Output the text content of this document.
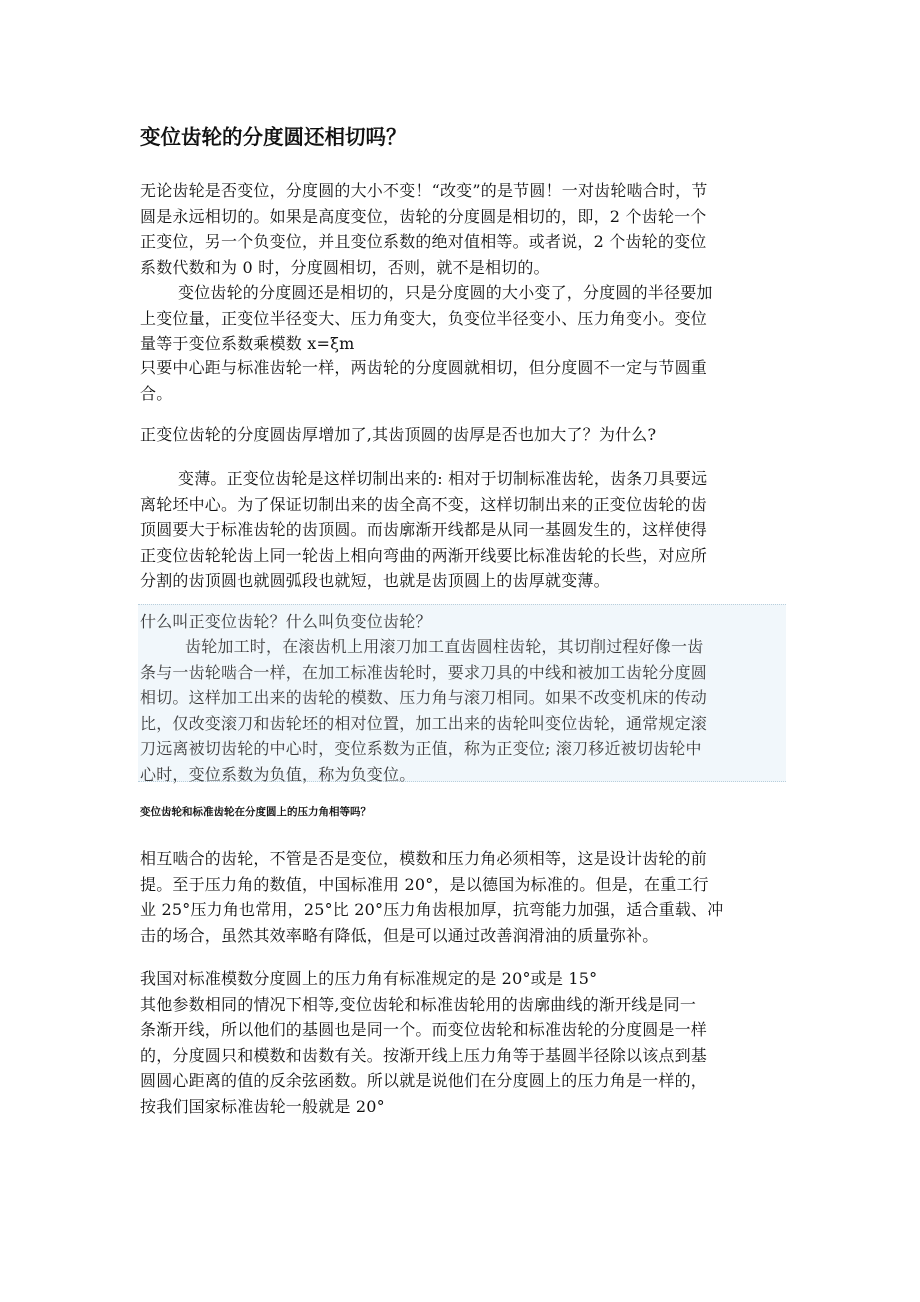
变位齿轮的分度圆还相切吗？
无论齿轮是否变位，分度圆的大小不变！“改变”的是节圆！一对齿轮啮合时，节
圆是永远相切的。如果是高度变位，齿轮的分度圆是相切的，即，2 个齿轮一个
正变位，另一个负变位，并且变位系数的绝对值相等。或者说，2 个齿轮的变位
系数代数和为 0 时，分度圆相切，否则，就不是相切的。
变位齿轮的分度圆还是相切的，只是分度圆的大小变了，分度圆的半径要加
上变位量，正变位半径变大、压力角变大，负变位半径变小、压力角变小。变位
量等于变位系数乘模数 x=ξm
只要中心距与标准齿轮一样，两齿轮的分度圆就相切，但分度圆不一定与节圆重
合。
正变位齿轮的分度圆齿厚增加了,其齿顶圆的齿厚是否也加大了？为什么?
变薄。正变位齿轮是这样切制出来的: 相对于切制标准齿轮，齿条刀具要远
离轮坯中心。为了保证切制出来的齿全高不变，这样切制出来的正变位齿轮的齿
顶圆要大于标准齿轮的齿顶圆。而齿廓渐开线都是从同一基圆发生的，这样使得
正变位齿轮轮齿上同一轮齿上相向弯曲的两渐开线要比标准齿轮的长些，对应所
分割的齿顶圆也就圆弧段也就短，也就是齿顶圆上的齿厚就变薄。
什么叫正变位齿轮？什么叫负变位齿轮？
齿轮加工时，在滚齿机上用滚刀加工直齿圆柱齿轮，其切削过程好像一齿
条与一齿轮啮合一样，在加工标准齿轮时，要求刀具的中线和被加工齿轮分度圆
相切。这样加工出来的齿轮的模数、压力角与滚刀相同。如果不改变机床的传动
比，仅改变滚刀和齿轮坯的相对位置，加工出来的齿轮叫变位齿轮，通常规定滚
刀远离被切齿轮的中心时，变位系数为正值，称为正变位; 滚刀移近被切齿轮中
心时，变位系数为负值，称为负变位。
变位齿轮和标准齿轮在分度圆上的压力角相等吗？
相互啮合的齿轮，不管是否是变位，模数和压力角必须相等，这是设计齿轮的前
提。至于压力角的数值，中国标准用 20°，是以德国为标准的。但是，在重工行
业 25°压力角也常用，25°比 20°压力角齿根加厚，抗弯能力加强，适合重载、冲
击的场合，虽然其效率略有降低，但是可以通过改善润滑油的质量弥补。
我国对标准模数分度圆上的压力角有标准规定的是 20°或是 15°
其他参数相同的情况下相等,变位齿轮和标准齿轮用的齿廓曲线的渐开线是同一
条渐开线，所以他们的基圆也是同一个。而变位齿轮和标准齿轮的分度圆是一样
的，分度圆只和模数和齿数有关。按渐开线上压力角等于基圆半径除以该点到基
圆圆心距离的值的反余弦函数。所以就是说他们在分度圆上的压力角是一样的，
按我们国家标准齿轮一般就是 20°
